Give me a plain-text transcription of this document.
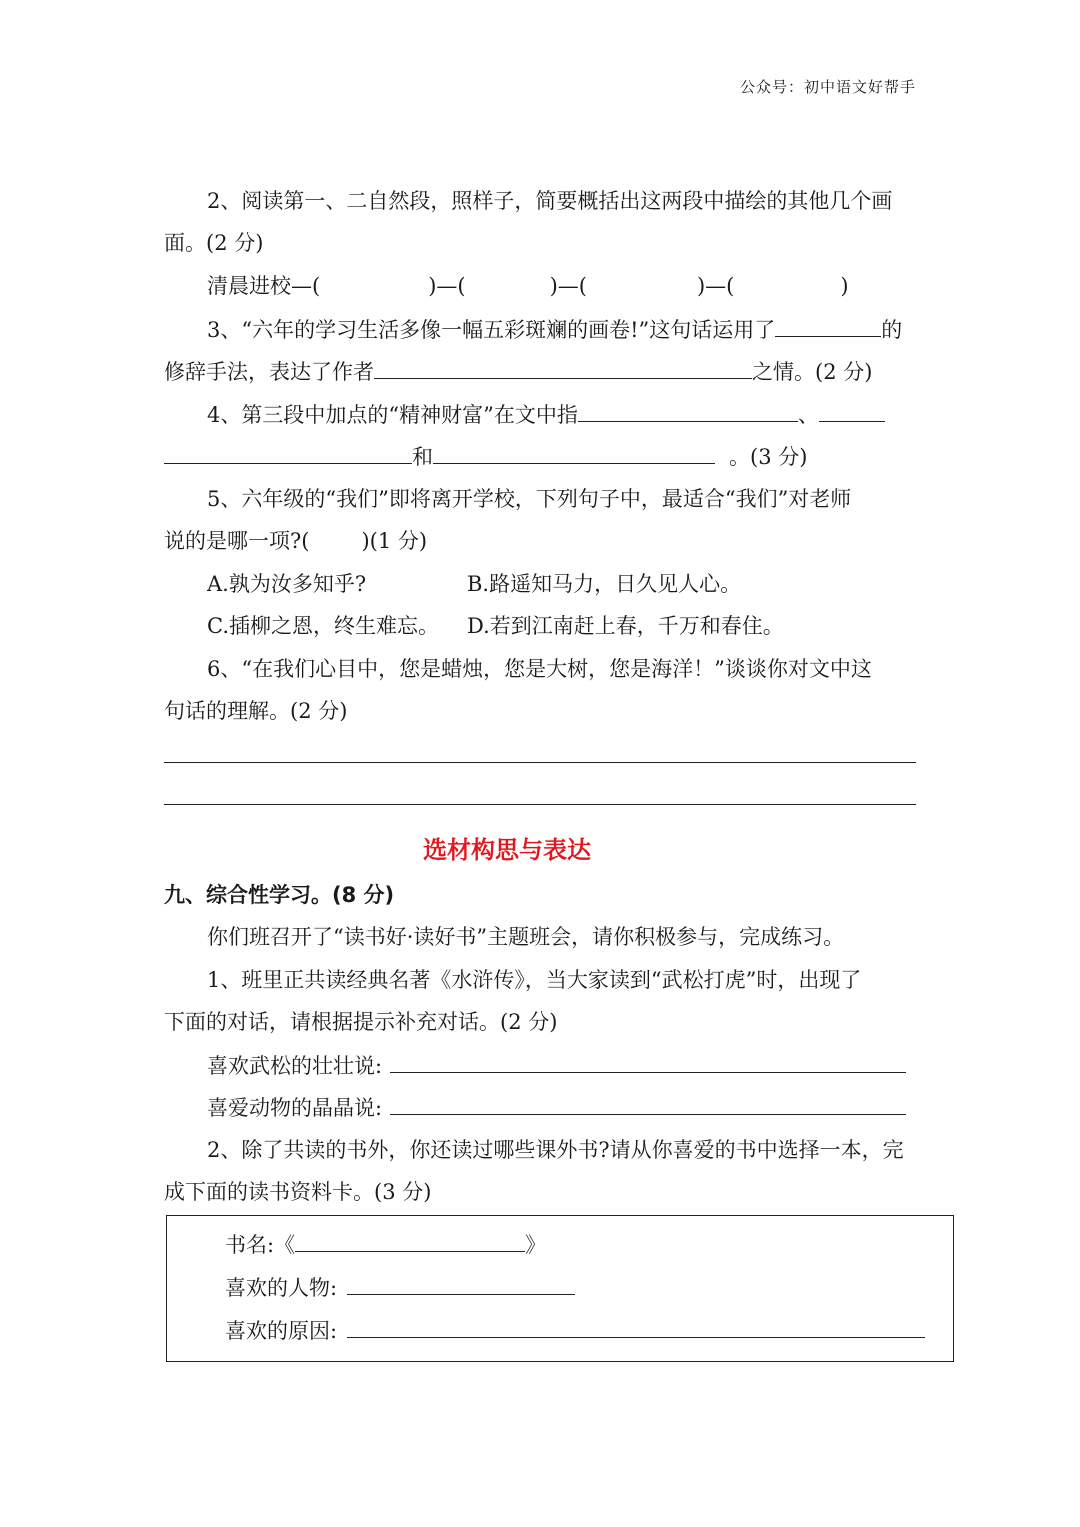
公众号：初中语文好帮手
2、阅读第一、二自然段，照样子，简要概括出这两段中描绘的其他几个画
面。(2 分)
清晨进校—(	)—(	)—(	)—(	)
3、“六年的学习生活多像一幅五彩斑斓的画卷!”这句话运用了	的
修辞手法，表达了作者	之情。(2 分)
4、第三段中加点的“精神财富”在文中指	、
和	。(3 分)
5、六年级的“我们”即将离开学校，下列句子中，最适合“我们”对老师
说的是哪一项?( )(1 分)
A.孰为汝多知乎?	B.路遥知马力，日久见人心。
C.插柳之恩，终生难忘。 D.若到江南赶上春，千万和春住。
6、“在我们心目中，您是蜡烛，您是大树，您是海洋！”谈谈你对文中这
句话的理解。(2 分)
选材构思与表达
九、综合性学习。(8 分)
你们班召开了“读书好·读好书”主题班会，请你积极参与，完成练习。
1、班里正共读经典名著《水浒传》，当大家读到“武松打虎”时，出现了
下面的对话，请根据提示补充对话。(2 分)
喜欢武松的壮壮说:
喜爱动物的晶晶说:
2、除了共读的书外，你还读过哪些课外书?请从你喜爱的书中选择一本，完
成下面的读书资料卡。(3 分)
书名:《	》
喜欢的人物:
喜欢的原因:
